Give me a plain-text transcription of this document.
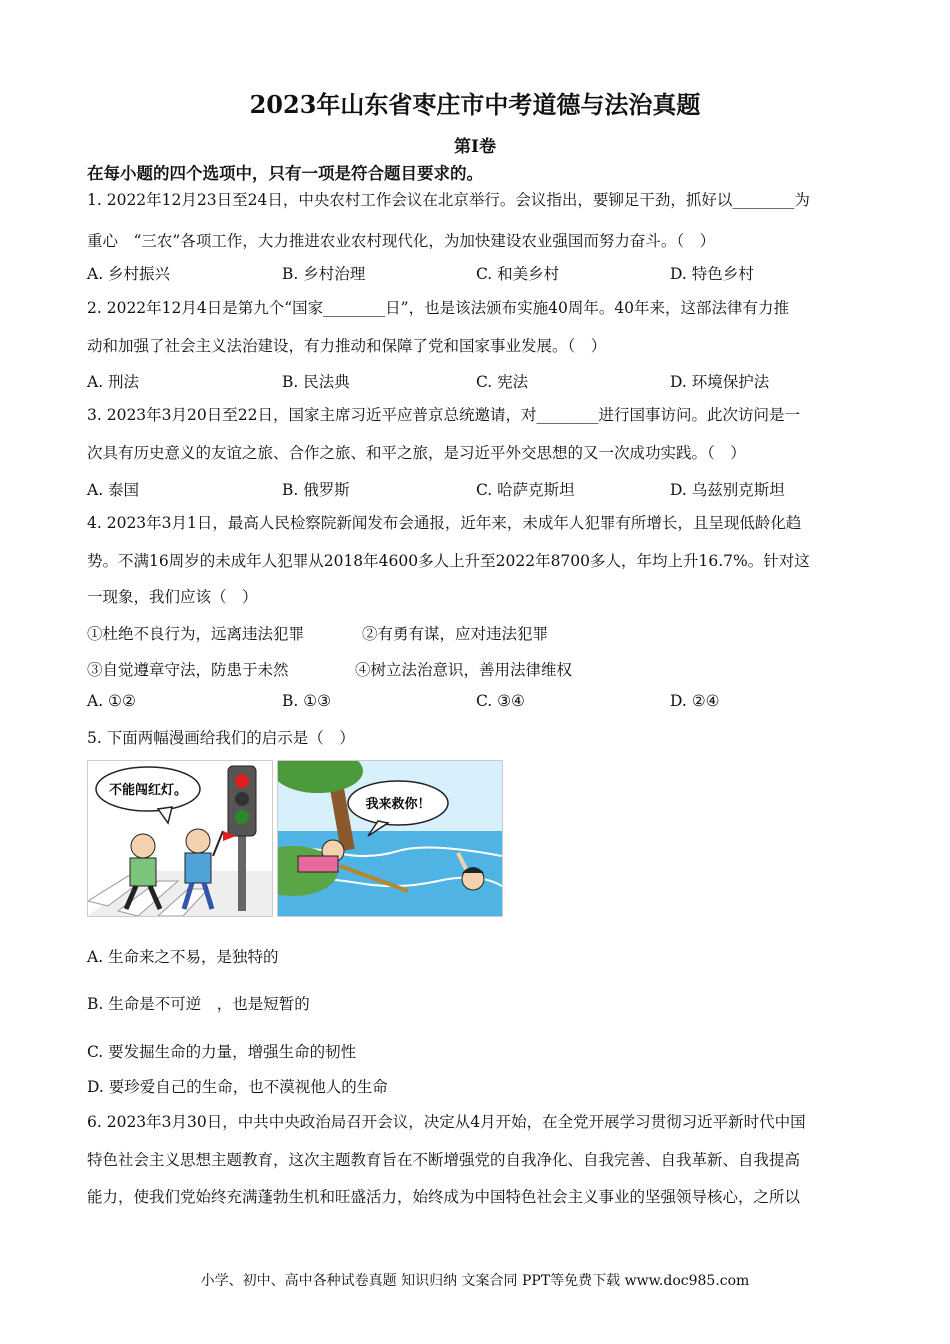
2023年山东省枣庄市中考道德与法治真题
第Ⅰ卷
在每小题的四个选项中，只有一项是符合题目要求的。
1. 2022年12月23日至24日，中央农村工作会议在北京举行。会议指出，要铆足干劲，抓好以________为
重心　“三农”各项工作，大力推进农业农村现代化，为加快建设农业强国而努力奋斗。（　）
A. 乡村振兴	B. 乡村治理	C. 和美乡村	D. 特色乡村
2. 2022年12月4日是第九个“国家________日”，也是该法颁布实施40周年。40年来，这部法律有力推
动和加强了社会主义法治建设，有力推动和保障了党和国家事业发展。（　）
A. 刑法	B. 民法典	C. 宪法	D. 环境保护法
3. 2023年3月20日至22日，国家主席习近平应普京总统邀请，对________进行国事访问。此次访问是一
次具有历史意义的友谊之旅、合作之旅、和平之旅，是习近平外交思想的又一次成功实践。（　）
A. 泰国	B. 俄罗斯	C. 哈萨克斯坦	D. 乌兹别克斯坦
4. 2023年3月1日，最高人民检察院新闻发布会通报，近年来，未成年人犯罪有所增长，且呈现低龄化趋
势。不满16周岁的未成年人犯罪从2018年4600多人上升至2022年8700多人，年均上升16.7%。针对这
一现象，我们应该（　）
①杜绝不良行为，远离违法犯罪	②有勇有谋，应对违法犯罪
③自觉遵章守法，防患于未然	④树立法治意识，善用法律维权
A. ①②	B. ①③	C. ③④	D. ②④
5. 下面两幅漫画给我们的启示是（　）
不能闯红灯。
我来救你！
A. 生命来之不易，是独特的
B. 生命是不可逆　，也是短暂的
C. 要发掘生命的力量，增强生命的韧性
D. 要珍爱自己的生命，也不漠视他人的生命
6. 2023年3月30日，中共中央政治局召开会议，决定从4月开始，在全党开展学习贯彻习近平新时代中国
特色社会主义思想主题教育，这次主题教育旨在不断增强党的自我净化、自我完善、自我革新、自我提高
能力，使我们党始终充满蓬勃生机和旺盛活力，始终成为中国特色社会主义事业的坚强领导核心，之所以
小学、初中、高中各种试卷真题 知识归纳 文案合同 PPT等免费下载 www.doc985.com
